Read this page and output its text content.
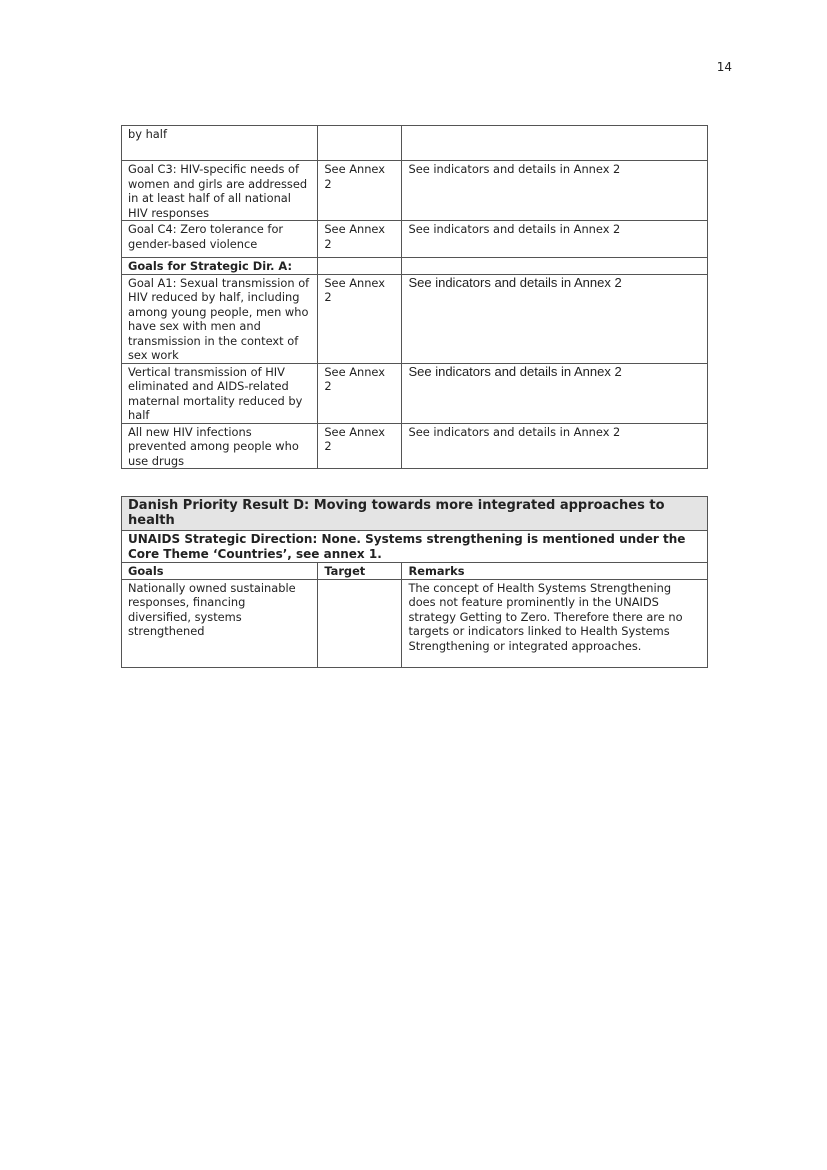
14
by half		
Goal C3: HIV-specific needs of women and girls are addressed in at least half of all national HIV responses	See Annex 2	See indicators and details in Annex 2
Goal C4: Zero tolerance for gender-based violence	See Annex 2	See indicators and details in Annex 2
Goals for Strategic Dir. A:		
Goal A1: Sexual transmission of HIV reduced by half, including among young people, men who have sex with men and transmission in the context of sex work	See Annex 2	See indicators and details in Annex 2
Vertical transmission of HIV eliminated and AIDS-related maternal mortality reduced by half	See Annex 2	See indicators and details in Annex 2
All new HIV infections prevented among people who use drugs	See Annex 2	See indicators and details in Annex 2
Danish Priority Result D: Moving towards more integrated approaches to health		
UNAIDS Strategic Direction: None. Systems strengthening is mentioned under the Core Theme ‘Countries’, see annex 1.		
Goals	Target	Remarks
Nationally owned sustainable responses, financing diversified, systems strengthened		The concept of Health Systems Strengthening does not feature prominently in the UNAIDS strategy Getting to Zero. Therefore there are no targets or indicators linked to Health Systems Strengthening or integrated approaches.
